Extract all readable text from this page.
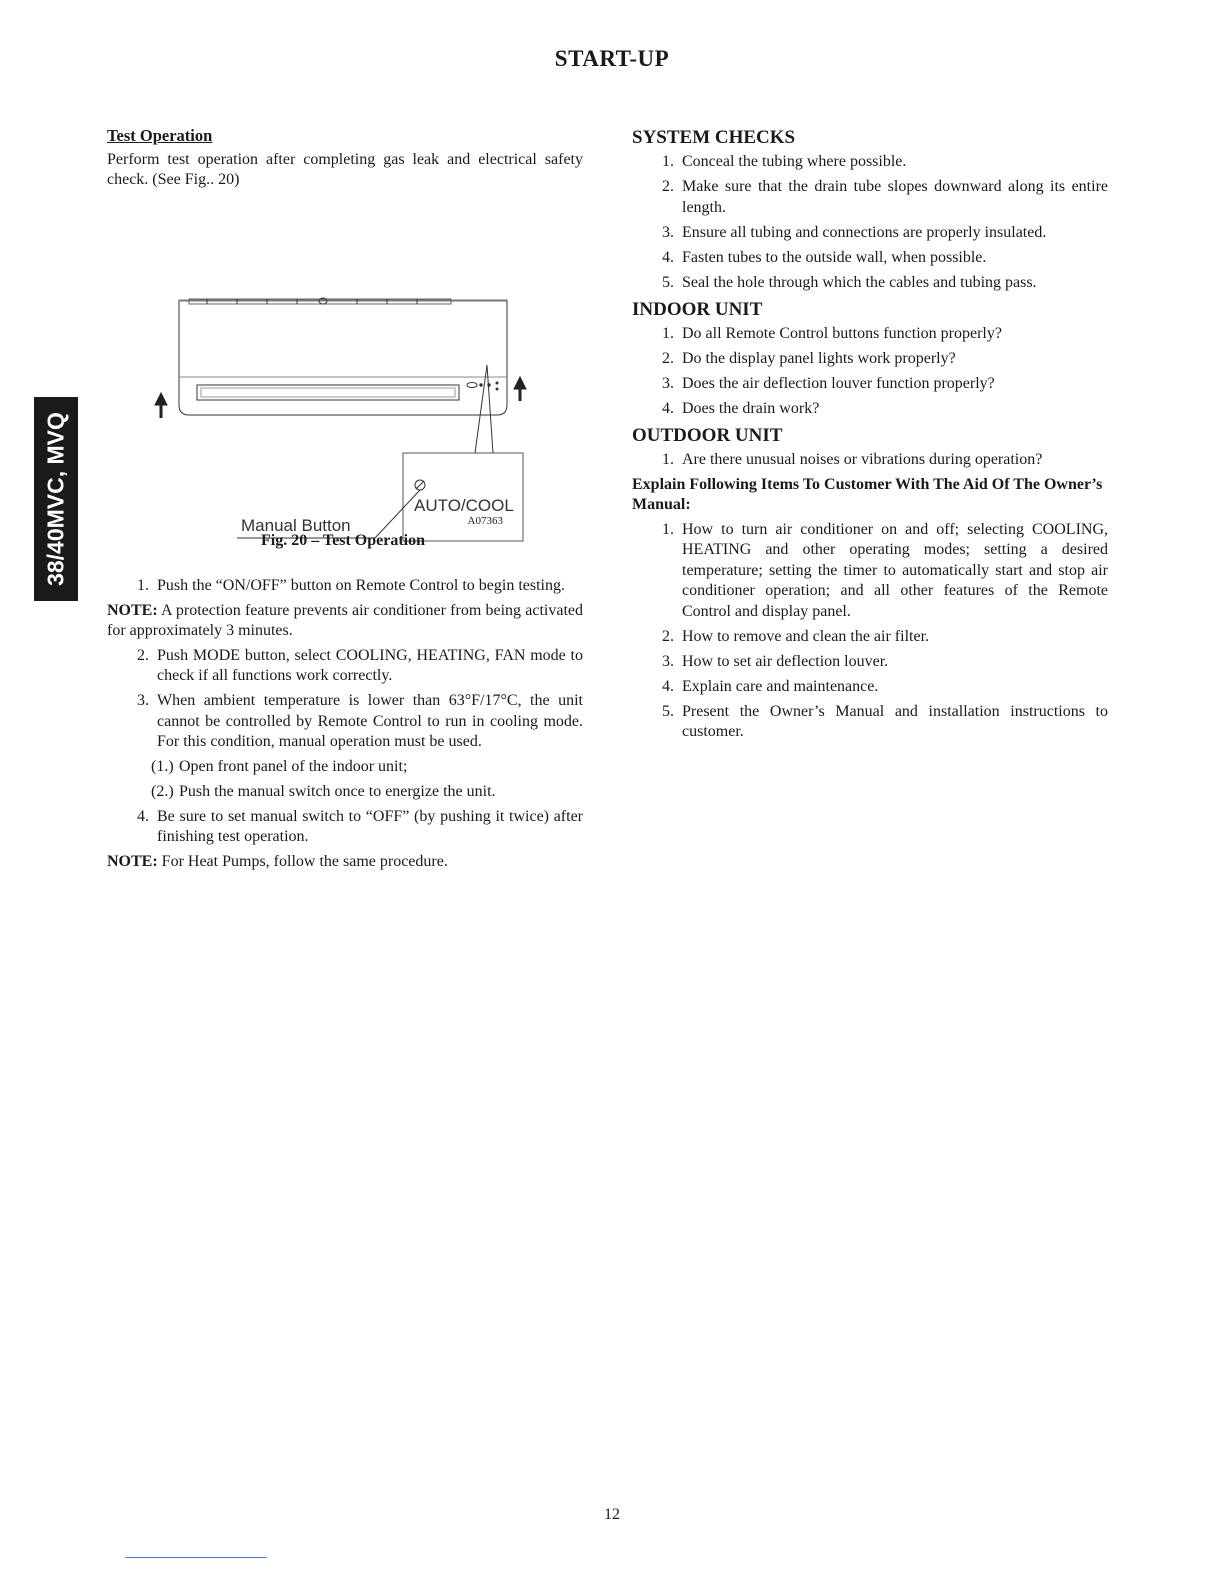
START-UP
38/40MVC, MVQ
Test Operation

Perform test operation after completing gas leak and electrical safety check. (See Fig.. 20)

AUTO/COOL
Manual Button	A07363
Fig. 20 – Test Operation
1. Push the “ON/OFF” button on Remote Control to begin testing.

NOTE: A protection feature prevents air conditioner from being activated for approximately 3 minutes.

2. Push MODE button, select COOLING, HEATING, FAN mode to check if all functions work correctly.
3. When ambient temperature is lower than 63°F/17°C, the unit cannot be controlled by Remote Control to run in cooling mode. For this condition, manual operation must be used.
(1.) Open front panel of the indoor unit;
(2.) Push the manual switch once to energize the unit.
4. Be sure to set manual switch to “OFF” (by pushing it twice) after finishing test operation.

NOTE: For Heat Pumps, follow the same procedure.

SYSTEM CHECKS
1. Conceal the tubing where possible.
2. Make sure that the drain tube slopes downward along its entire length.
3. Ensure all tubing and connections are properly insulated.
4. Fasten tubes to the outside wall, when possible.
5. Seal the hole through which the cables and tubing pass.
INDOOR UNIT
1. Do all Remote Control buttons function properly?
2. Do the display panel lights work properly?
3. Does the air deflection louver function properly?
4. Does the drain work?
OUTDOOR UNIT
1. Are there unusual noises or vibrations during operation?
Explain Following Items To Customer With The Aid Of The Owner’s Manual:
1. How to turn air conditioner on and off; selecting COOLING, HEATING and other operating modes; setting a desired temperature; setting the timer to automatically start and stop air conditioner operation; and all other features of the Remote Control and display panel.
2. How to remove and clean the air filter.
3. How to set air deflection louver.
4. Explain care and maintenance.
5. Present the Owner’s Manual and installation instructions to customer.
12
